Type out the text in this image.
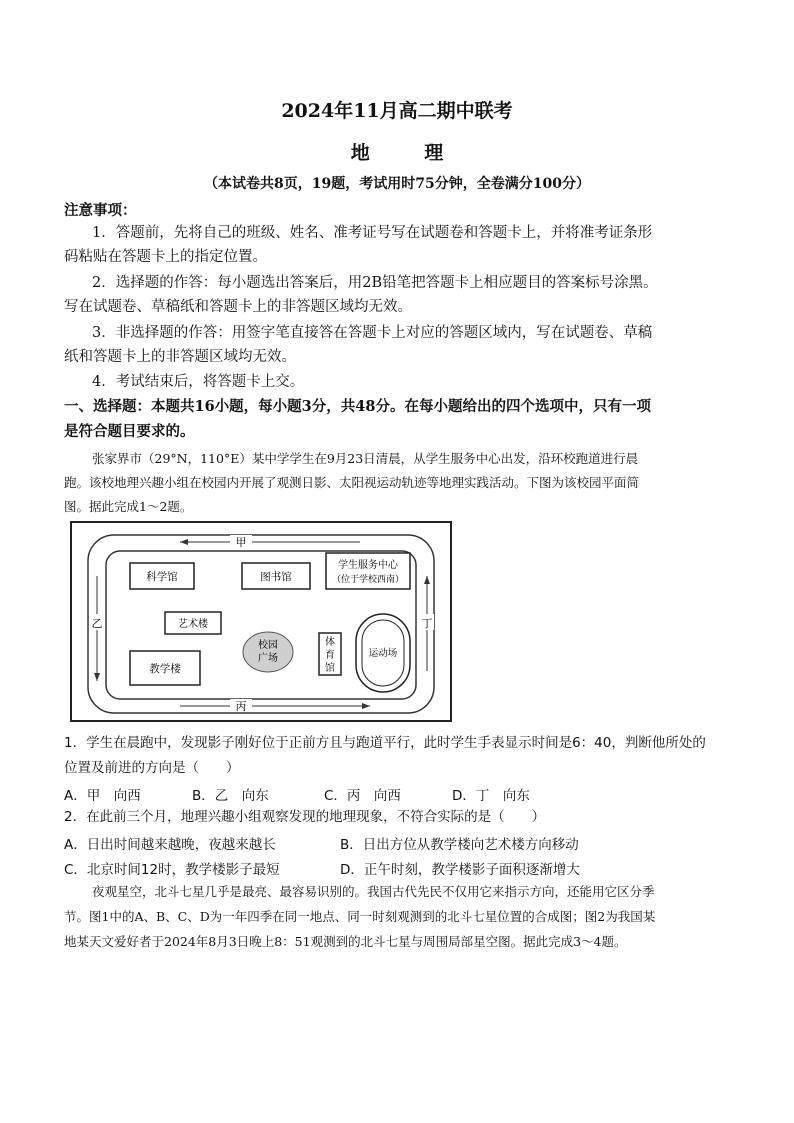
2024年11月高二期中联考
地 理
（本试卷共8页，19题，考试用时75分钟，全卷满分100分）
注意事项：
1．答题前，先将自己的班级、姓名、准考证号写在试题卷和答题卡上，并将准考证条形
码粘贴在答题卡上的指定位置。
2．选择题的作答：每小题选出答案后，用2B铅笔把答题卡上相应题目的答案标号涂黑。
写在试题卷、草稿纸和答题卡上的非答题区域均无效。
3．非选择题的作答：用签字笔直接答在答题卡上对应的答题区域内，写在试题卷、草稿
纸和答题卡上的非答题区域均无效。
4．考试结束后，将答题卡上交。
一、选择题：本题共16小题，每小题3分，共48分。在每小题给出的四个选项中，只有一项
是符合题目要求的。
张家界市（29°N，110°E）某中学学生在9月23日清晨，从学生服务中心出发，沿环校跑道进行晨
跑。该校地理兴趣小组在校园内开展了观测日影、太阳视运动轨迹等地理实践活动。下图为该校园平面简
图。据此完成1～2题。
甲
乙
丙
丁
科学馆	图书馆
学生服务中心
（位于学校西南）
艺术楼
校园
广场
体
育
馆
运动场
教学楼
1．学生在晨跑中，发现影子刚好位于正前方且与跑道平行，此时学生手表显示时间是6：40，判断他所处的
位置及前进的方向是（　　）
A．甲　向西	B．乙　向东	C．丙　向西	D．丁　向东
2．在此前三个月，地理兴趣小组观察发现的地理现象，不符合实际的是（　　）
A．日出时间越来越晚，夜越来越长	B．日出方位从教学楼向艺术楼方向移动
C．北京时间12时，教学楼影子最短	D．正午时刻，教学楼影子面积逐渐增大
夜观星空，北斗七星几乎是最亮、最容易识别的。我国古代先民不仅用它来指示方向，还能用它区分季
节。图1中的A、B、C、D为一年四季在同一地点、同一时刻观测到的北斗七星位置的合成图；图2为我国某
地某天文爱好者于2024年8月3日晚上8：51观测到的北斗七星与周围局部星空图。据此完成3～4题。
